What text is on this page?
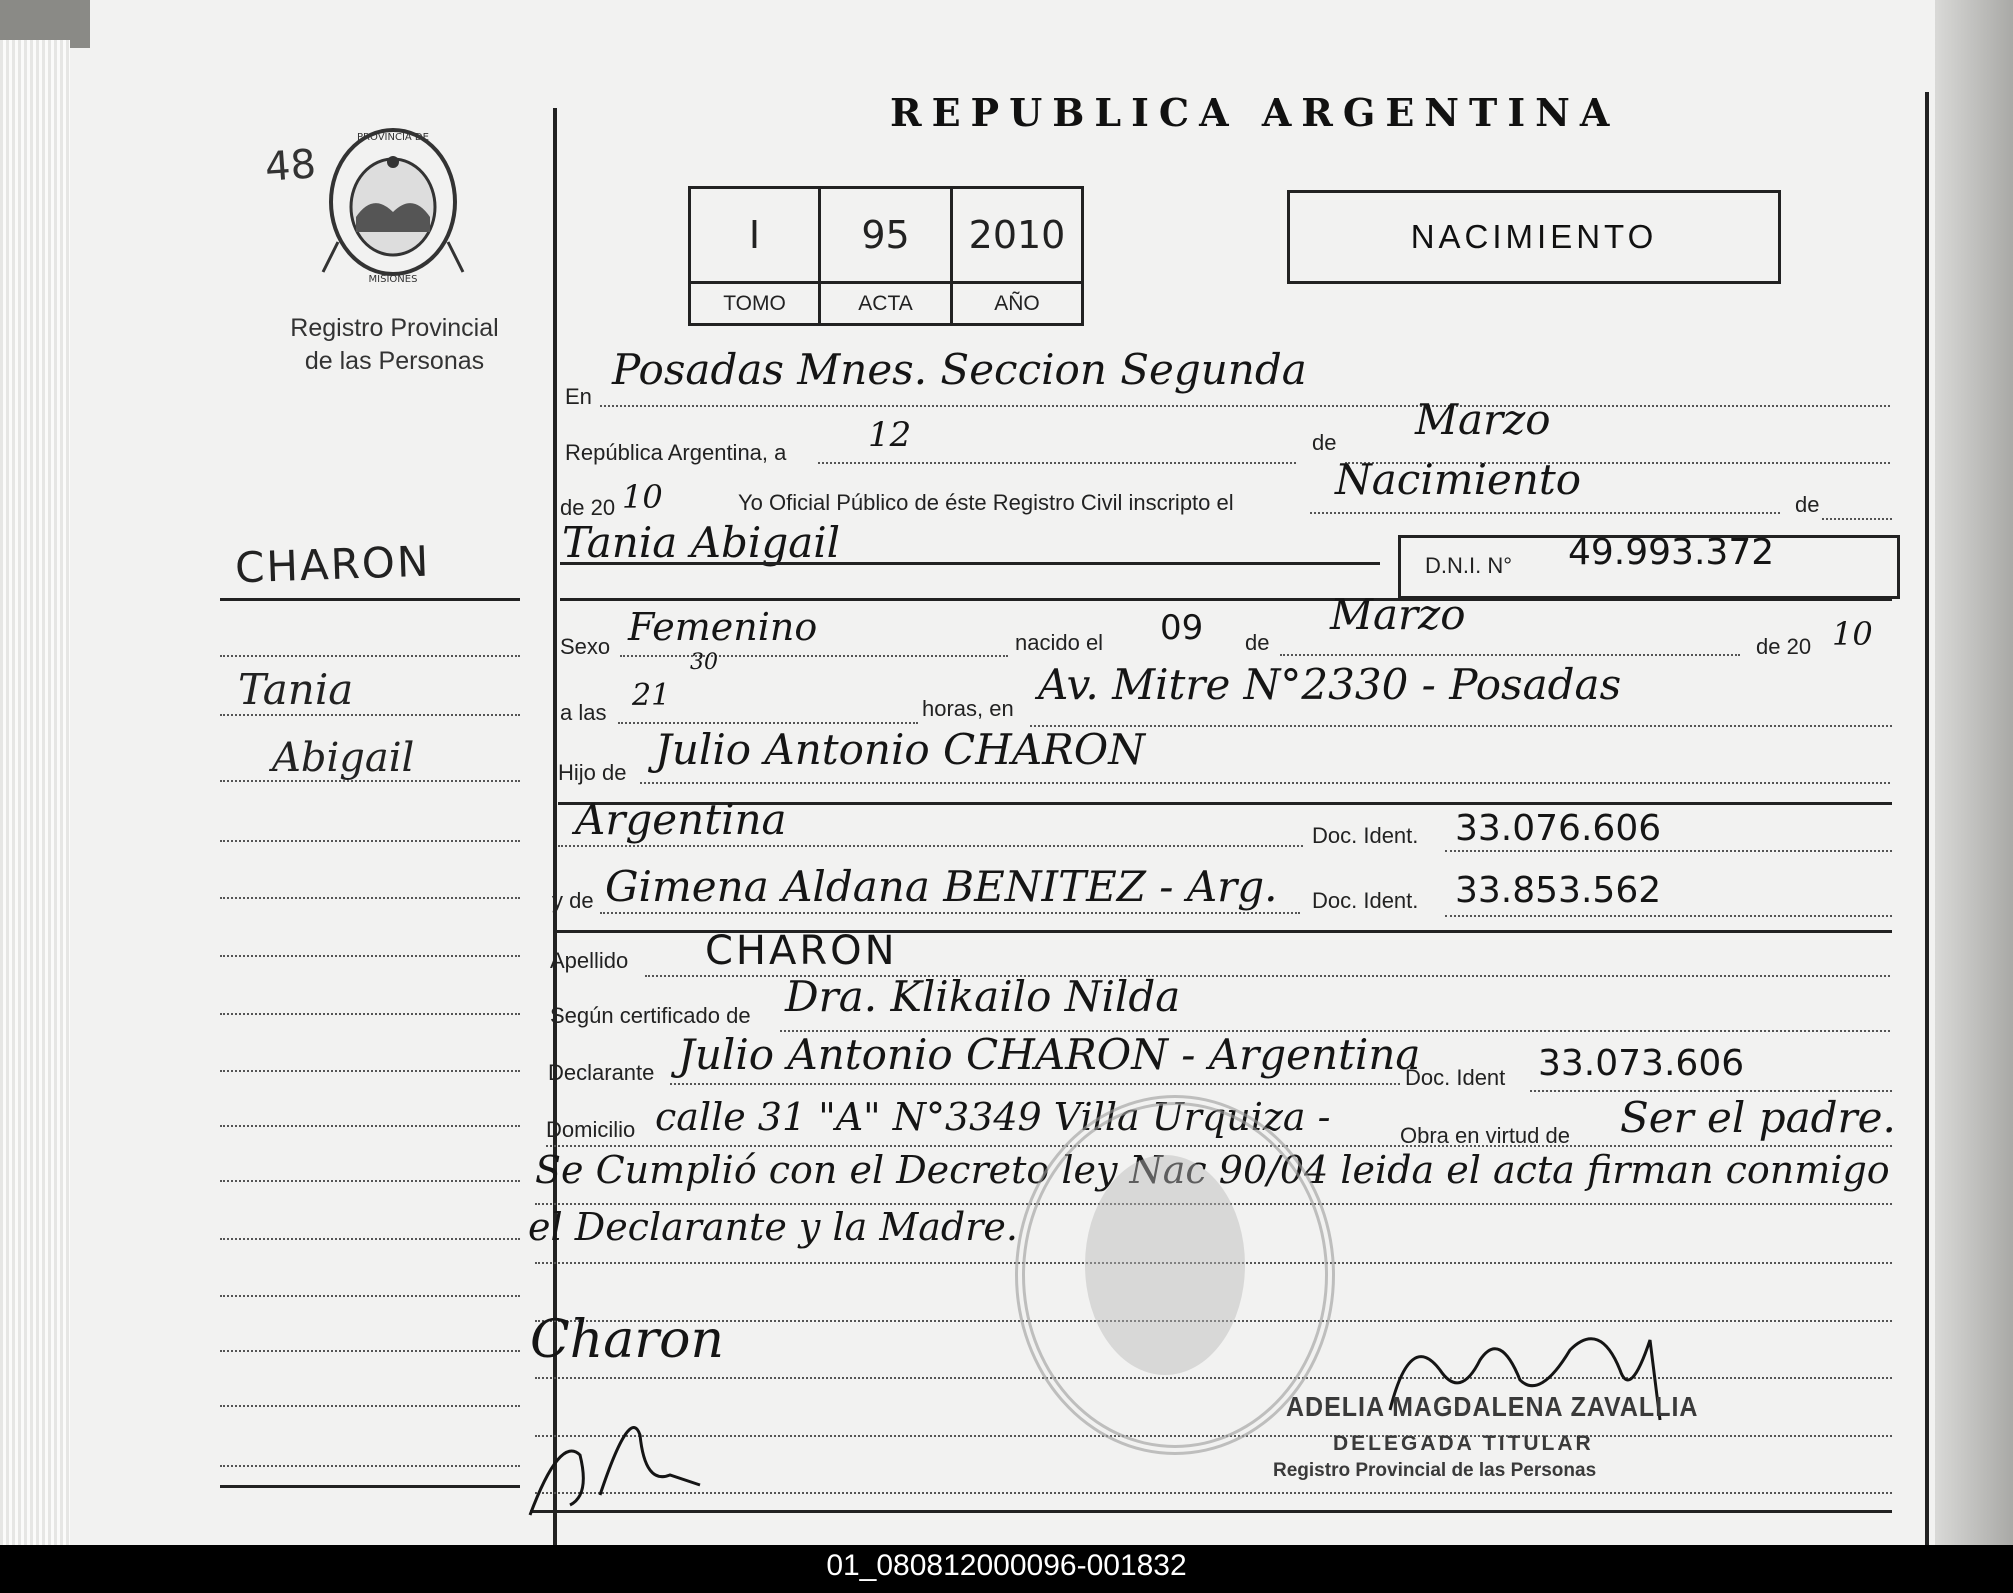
48
PROVINCIA DE
MISIONES
Registro Provincial
de las Personas
CHARON
Tania
Abigail
REPUBLICA ARGENTINA
I	95	2010
TOMO	ACTA	AÑO
NACIMIENTO
En
Posadas Mnes. Seccion Segunda
República Argentina, a 12	de Marzo
de 20 10	Yo Oficial Público de éste Registro Civil inscripto el Nacimiento
de
Tania Abigail	D.N.I. N° 49.993.372
Sexo Femenino	nacido el 09 de
Marzo
de 20 10
a las 21
30
horas, en Av. Mitre N°2330 - Posadas
Hijo de Julio Antonio CHARON
Argentina	Doc. Ident. 33.076.606
y de Gimena Aldana BENITEZ - Arg. Doc. Ident. 33.853.562
Apellido CHARON
Según certificado de Dra. Klikailo Nilda
Declarante Julio Antonio CHARON - Argentina
Doc. Ident 33.073.606
Domicilio calle 31 "A" N°3349 Villa Urquiza -	Obra en virtud de Ser el padre.
Se Cumplió con el Decreto ley Nac 90/04 leida el acta firman conmigo
el Declarante y la Madre.
Charon
ADELIA MAGDALENA ZAVALLIA
DELEGADA TITULAR
Registro Provincial de las Personas
01_080812000096-001832
